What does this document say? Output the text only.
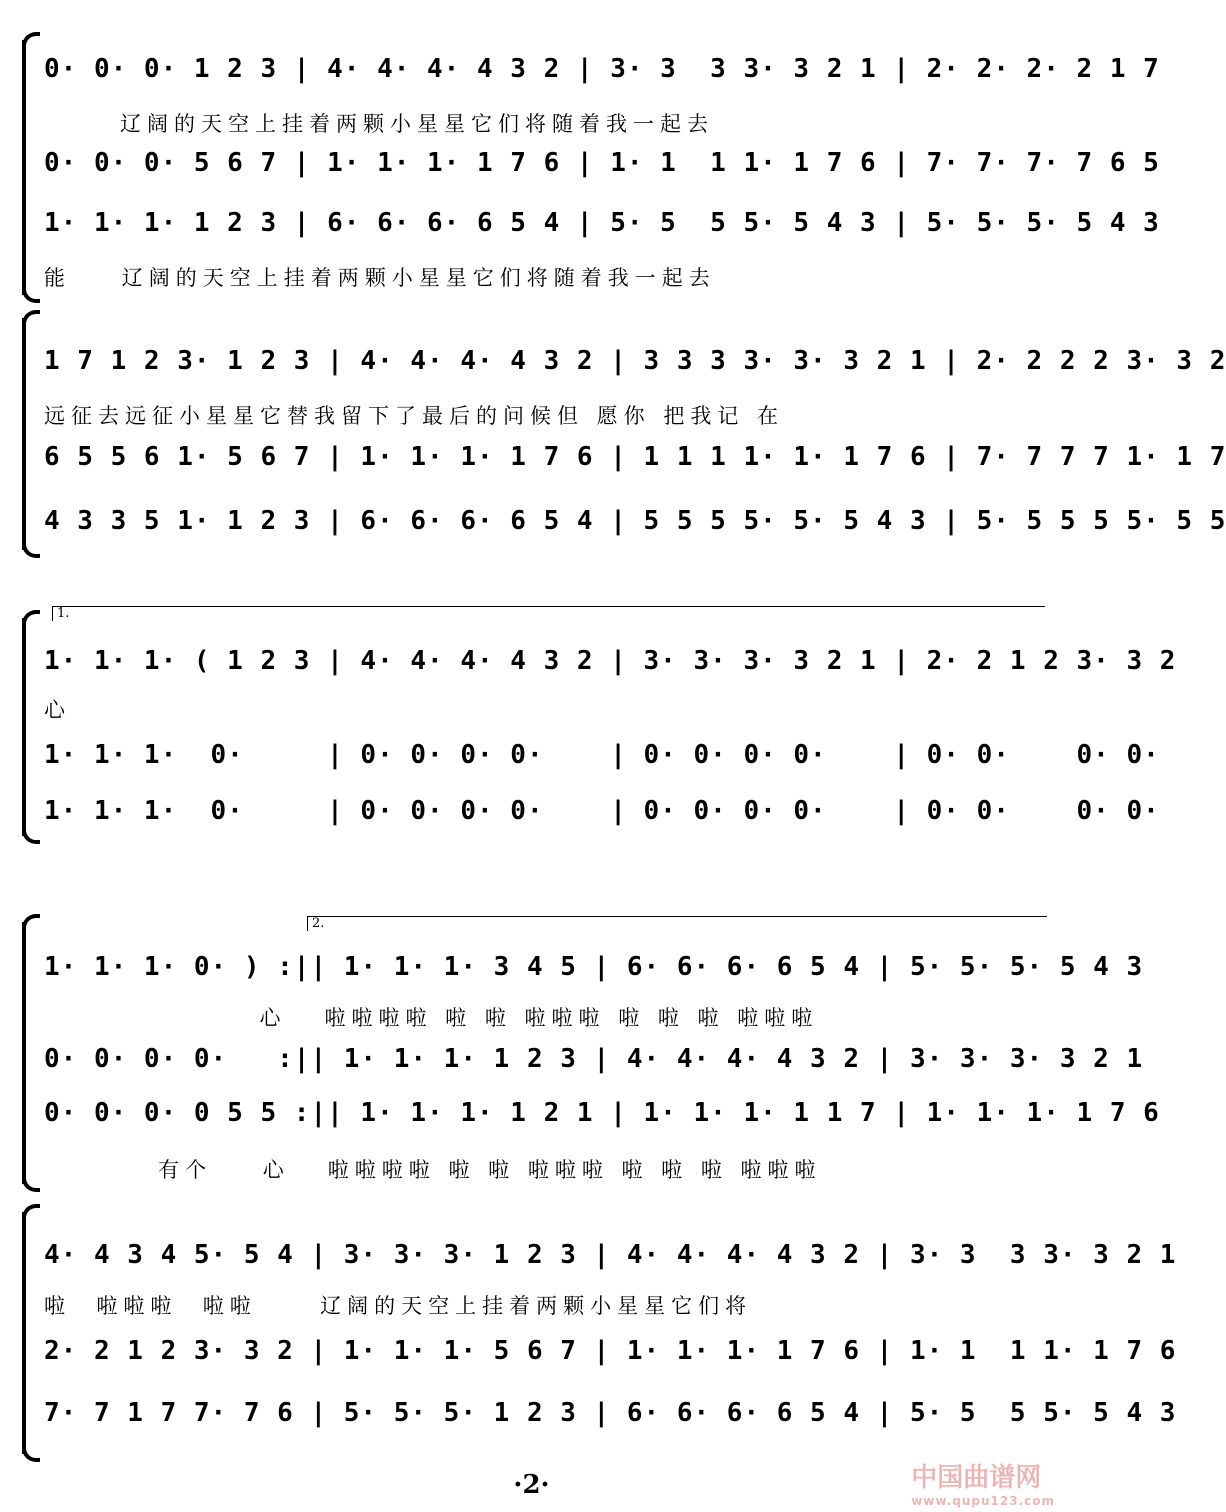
0· 0· 0· 1 2 3 | 4· 4· 4· 4 3 2 | 3· 3  3 3· 3 2 1 | 2· 2· 2· 2 1 7
辽阔的天空上挂着两颗小星星它们将随着我一起去
0· 0· 0· 5 6 7 | 1· 1· 1· 1 7 6 | 1· 1  1 1· 1 7 6 | 7· 7· 7· 7 6 5
1· 1· 1· 1 2 3 | 6· 6· 6· 6 5 4 | 5· 5  5 5· 5 4 3 | 5· 5· 5· 5 4 3
能    辽阔的天空上挂着两颗小星星它们将随着我一起去
1 7 1 2 3· 1 2 3 | 4· 4· 4· 4 3 2 | 3 3 3 3· 3· 3 2 1 | 2· 2 2 2 3· 3 2
远征去远征小星星它替我留下了最后的问候但 愿你 把我记 在
6 5 5 6 1· 5 6 7 | 1· 1· 1· 1 7 6 | 1 1 1 1· 1· 1 7 6 | 7· 7 7 7 1· 1 7
4 3 3 5 1· 1 2 3 | 6· 6· 6· 6 5 4 | 5 5 5 5· 5· 5 4 3 | 5· 5 5 5 5· 5 5
1.
1· 1· 1· ( 1 2 3 | 4· 4· 4· 4 3 2 | 3· 3· 3· 3 2 1 | 2· 2 1 2 3· 3 2
心
1· 1· 1·  0·     | 0· 0· 0· 0·    | 0· 0· 0· 0·    | 0· 0·    0· 0·
1· 1· 1·  0·     | 0· 0· 0· 0·    | 0· 0· 0· 0·    | 0· 0·    0· 0·
2.
1· 1· 1· 0· ) :|| 1· 1· 1· 3 4 5 | 6· 6· 6· 6 5 4 | 5· 5· 5· 5 4 3
心   啦啦啦啦 啦 啦 啦啦啦 啦 啦 啦 啦啦啦
0· 0· 0· 0·   :|| 1· 1· 1· 1 2 3 | 4· 4· 4· 4 3 2 | 3· 3· 3· 3 2 1
0· 0· 0· 0 5 5 :|| 1· 1· 1· 1 2 1 | 1· 1· 1· 1 1 7 | 1· 1· 1· 1 7 6
有个    心   啦啦啦啦 啦 啦 啦啦啦 啦 啦 啦 啦啦啦
4· 4 3 4 5· 5 4 | 3· 3· 3· 1 2 3 | 4· 4· 4· 4 3 2 | 3· 3  3 3· 3 2 1
啦  啦啦啦  啦啦     辽阔的天空上挂着两颗小星星它们将
2· 2 1 2 3· 3 2 | 1· 1· 1· 5 6 7 | 1· 1· 1· 1 7 6 | 1· 1  1 1· 1 7 6
7· 7 1 7 7· 7 6 | 5· 5· 5· 1 2 3 | 6· 6· 6· 6 5 4 | 5· 5  5 5· 5 4 3
·2·	中国曲谱网
www.qupu123.com
